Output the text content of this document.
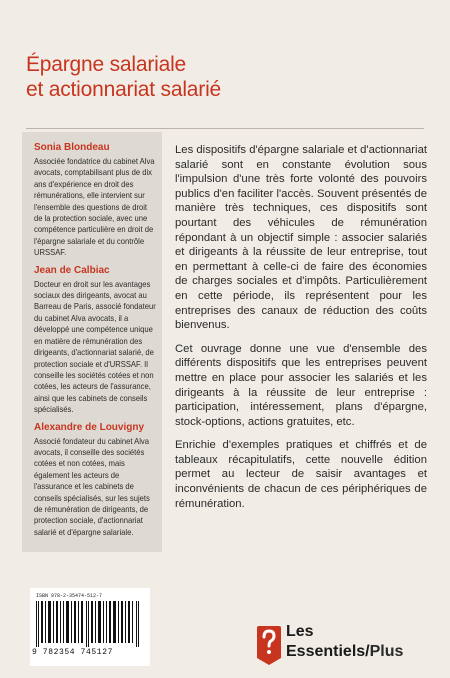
Épargne salariale
et actionnariat salarié
Sonia Blondeau

Associée fondatrice du cabinet Alva avocats, comptabilisant plus de dix ans d'expérience en droit des rémunérations, elle intervient sur l'ensemble des questions de droit de la protection sociale, avec une compétence particulière en droit de l'épargne salariale et du contrôle URSSAF.

Jean de Calbiac

Docteur en droit sur les avantages sociaux des dirigeants, avocat au Barreau de Paris, associé fondateur du cabinet Alva avocats, il a développé une compétence unique en matière de rémunération des dirigeants, d'actionnariat salarié, de protection sociale et d'URSSAF. Il conseille les sociétés cotées et non cotées, les acteurs de l'assurance, ainsi que les cabinets de conseils spécialisés.

Alexandre de Louvigny

Associé fondateur du cabinet Alva avocats, il conseille des sociétés cotées et non cotées, mais également les acteurs de l'assurance et les cabinets de conseils spécialisés, sur les sujets de rémunération de dirigeants, de protection sociale, d'actionnariat salarié et d'épargne salariale.

Les dispositifs d'épargne salariale et d'actionnariat salarié sont en constante évolution sous l'impulsion d'une très forte volonté des pouvoirs publics d'en faciliter l'accès. Souvent présentés de manière très techniques, ces dispositifs sont pourtant des véhicules de rémunération répondant à un objectif simple : associer salariés et dirigeants à la réussite de leur entreprise, tout en permettant à celle-ci de faire des économies de charges sociales et d'impôts. Particulièrement en cette période, ils représentent pour les entreprises des canaux de réduction des coûts bienvenus.

Cet ouvrage donne une vue d'ensemble des différents dispositifs que les entreprises peuvent mettre en place pour associer les salariés et les dirigeants à la réussite de leur entreprise : participation, intéressement, plans d'épargne, stock-options, actions gratuites, etc.

Enrichie d'exemples pratiques et chiffrés et de tableaux récapitulatifs, cette nouvelle édition permet au lecteur de saisir avantages et inconvénients de chacun de ces périphériques de rémunération.

ISBN 978-2-35474-512-7
9 782354 745127
Les
Essentiels/Plus
